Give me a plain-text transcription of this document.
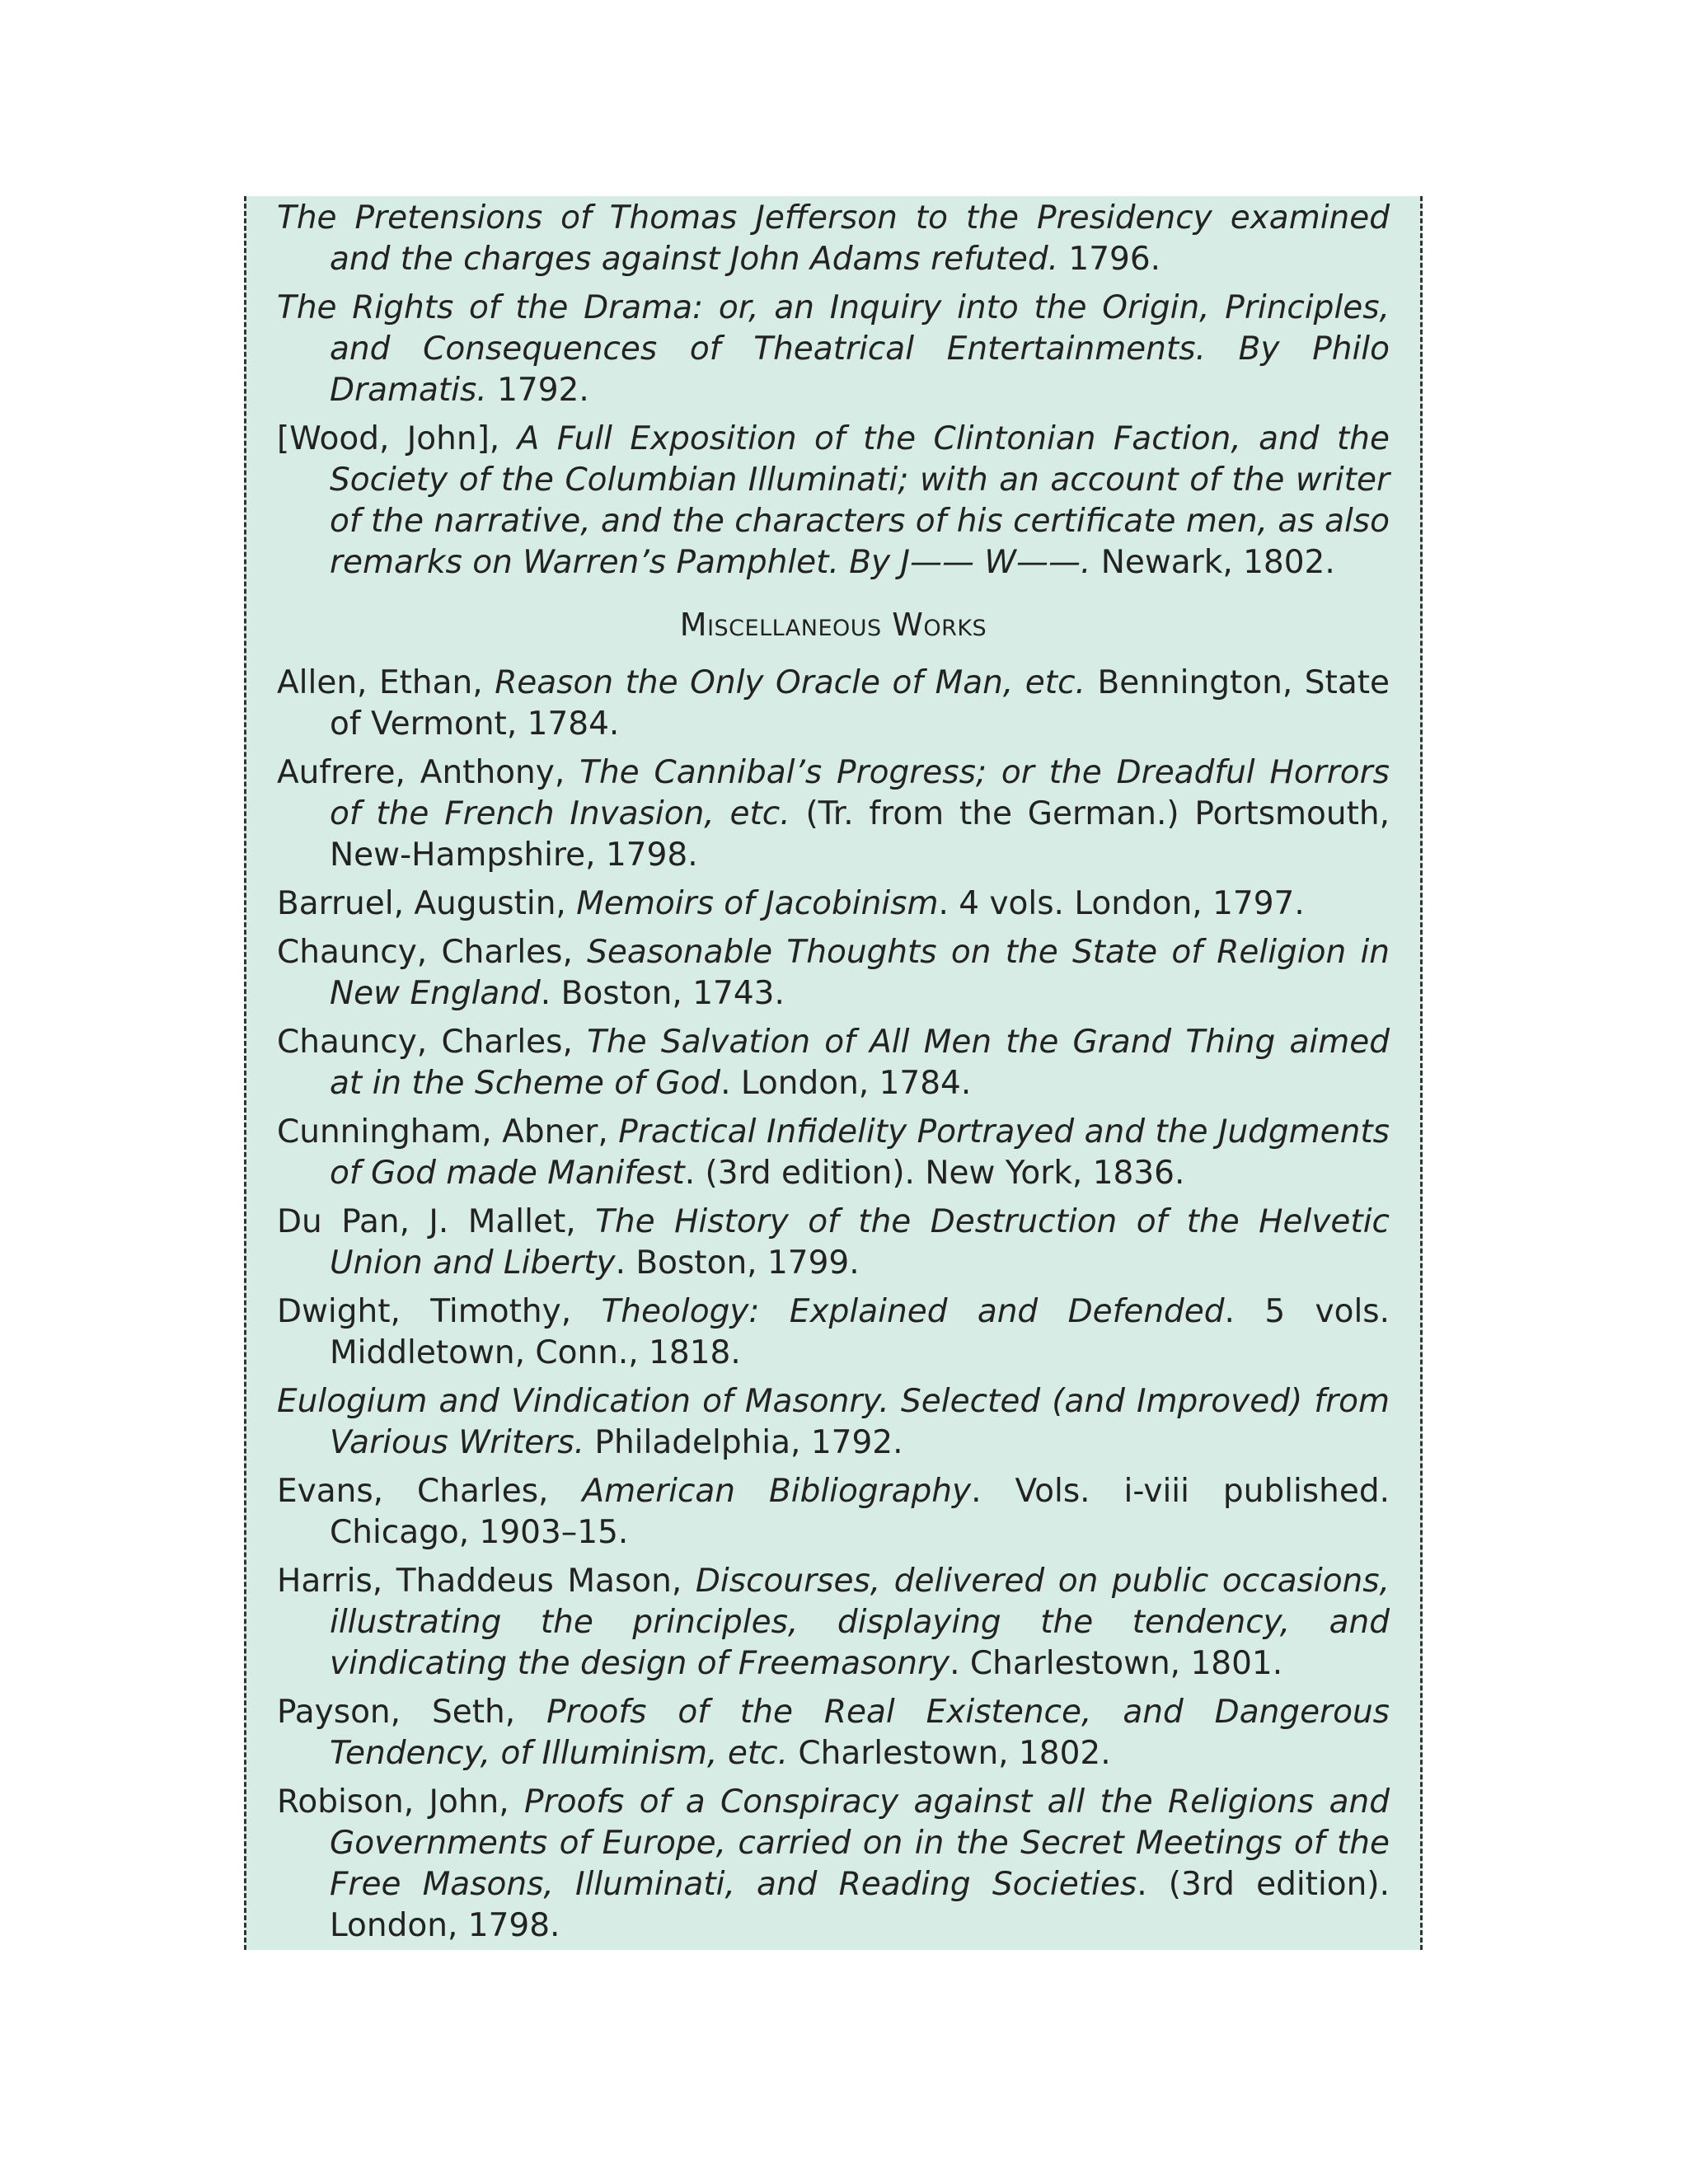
The Pretensions of Thomas Jefferson to the Presidency examined and the charges against John Adams refuted. 1796.

The Rights of the Drama: or, an Inquiry into the Origin, Principles, and Consequences of Theatrical Entertainments. By Philo Dramatis. 1792.

[Wood, John], A Full Exposition of the Clintonian Faction, and the Society of the Columbian Illuminati; with an account of the writer of the narrative, and the characters of his certificate men, as also remarks on Warren’s Pamphlet. By J—— W——. Newark, 1802.

Miscellaneous Works

Allen, Ethan, Reason the Only Oracle of Man, etc. Bennington, State of Vermont, 1784.

Aufrere, Anthony, The Cannibal’s Progress; or the Dreadful Horrors of the French Invasion, etc. (Tr. from the German.) Portsmouth, New-Hampshire, 1798.

Barruel, Augustin, Memoirs of Jacobinism. 4 vols. London, 1797.

Chauncy, Charles, Seasonable Thoughts on the State of Religion in New England. Boston, 1743.

Chauncy, Charles, The Salvation of All Men the Grand Thing aimed at in the Scheme of God. London, 1784.

Cunningham, Abner, Practical Infidelity Portrayed and the Judgments of God made Manifest. (3rd edition). New York, 1836.

Du Pan, J. Mallet, The History of the Destruction of the Helvetic Union and Liberty. Boston, 1799.

Dwight, Timothy, Theology: Explained and Defended. 5 vols. Middletown, Conn., 1818.

Eulogium and Vindication of Masonry. Selected (and Improved) from Various Writers. Philadelphia, 1792.

Evans, Charles, American Bibliography. Vols. i-viii published. Chicago, 1903–15.

Harris, Thaddeus Mason, Discourses, delivered on public occasions, illustrating the principles, displaying the tendency, and vindicating the design of Freemasonry. Charlestown, 1801.

Payson, Seth, Proofs of the Real Existence, and Dangerous Tendency, of Illuminism, etc. Charlestown, 1802.

Robison, John, Proofs of a Conspiracy against all the Religions and Governments of Europe, carried on in the Secret Meetings of the Free Masons, Illuminati, and Reading Societies. (3rd edition). London, 1798.
